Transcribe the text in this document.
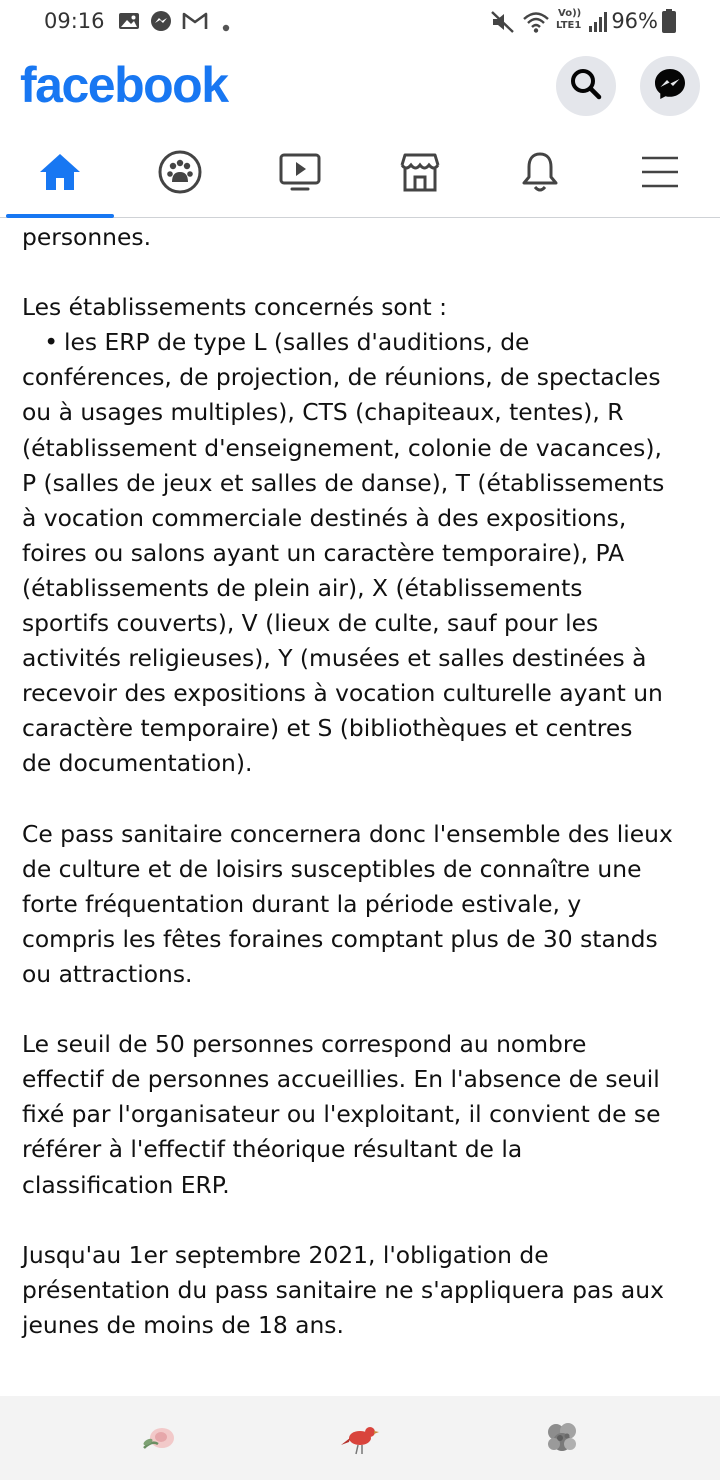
09:16	Vo))
LTE1 96%
facebook
personnes.
Les établissements concernés sont :
• les ERP de type L (salles d'auditions, de
conférences, de projection, de réunions, de spectacles
ou à usages multiples), CTS (chapiteaux, tentes), R
(établissement d'enseignement, colonie de vacances),
P (salles de jeux et salles de danse), T (établissements
à vocation commerciale destinés à des expositions,
foires ou salons ayant un caractère temporaire), PA
(établissements de plein air), X (établissements
sportifs couverts), V (lieux de culte, sauf pour les
activités religieuses), Y (musées et salles destinées à
recevoir des expositions à vocation culturelle ayant un
caractère temporaire) et S (bibliothèques et centres
de documentation).
Ce pass sanitaire concernera donc l'ensemble des lieux
de culture et de loisirs susceptibles de connaître une
forte fréquentation durant la période estivale, y
compris les fêtes foraines comptant plus de 30 stands
ou attractions.
Le seuil de 50 personnes correspond au nombre
effectif de personnes accueillies. En l'absence de seuil
fixé par l'organisateur ou l'exploitant, il convient de se
référer à l'effectif théorique résultant de la
classification ERP.
Jusqu'au 1er septembre 2021, l'obligation de
présentation du pass sanitaire ne s'appliquera pas aux
jeunes de moins de 18 ans.
